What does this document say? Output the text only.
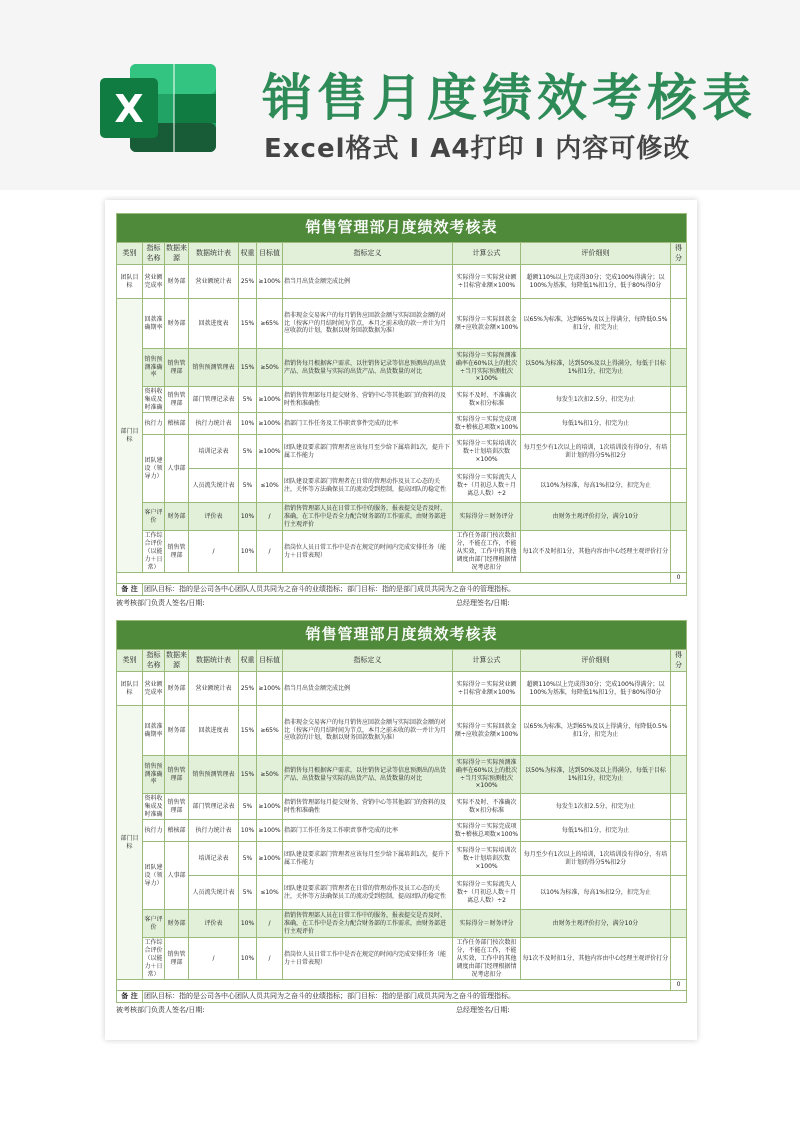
X 销售月度绩效考核表
Excel格式 I A4打印 I 内容可修改
销售管理部月度绩效考核表									
类别	指标名称	数据来源	数据统计表	权重	目标值	指标定义	计算公式	评价细则	得分
团队目标	营业额完成率	财务部	营业额统计表	25%	≥100%	指当月出货金额完成比例	实际得分＝实际营业额÷目标营业额×100%	超额110%以上完成得30分；完成100%得满分；以100%为基准，每降低1%扣1分，低于80%得0分	
部门目标	回款准确期率	财务部	回款进度表	15%	≥65%	指非现金交易客户的每月销售应回款金额与实际回款金额的对比（按客户的月结时间为节点，本月之前未收的款一并计为月应收款的计划，数据以财务回款数据为准）	实际得分＝实际回款金额÷应收款金额×100%	以65%为标准，达到65%及以上得满分，每降低0.5%扣1分，扣完为止	
	销售预测准确率	销售管理部	销售预测管理表	15%	≥50%	指销售每月根据客户需求，以往销售记录等信息预测出的出货产品、出货数量与实际的出货产品、出货数量的对比	实际得分＝实际预测准确率在60%以上的批次÷当月实际预测批次×100%	以50%为标准，达到50%及以上得满分，每低于目标1%扣1分，扣完为止	
	资料收集成及时准确	销售管理部	部门管理记录表	5%	≥100%	指销售管理部每月提交财务、营销中心等其他部门的资料的及时性和准确性	实际不及时、不准确次数×扣分标准	每发生1次扣2.5分，扣完为止	
	执行力	稽核部	执行力统计表	10%	≥100%	指部门工作任务及工作职责事件完成的比率	实际得分＝实际完成项数÷稽核总项数×100%	每低1%扣1分，扣完为止	
	团队建设（领导力）	人事部	培训记录表	5%	≥100%	团队建设要求部门管理者应该每月至少给下属培训1次，提升下属工作能力	实际得分＝实际培训次数÷计划培训次数×100%	每月至少有1次以上的培训，1次培训没有得0分，有培训计划的得分5%扣2分	
			人员流失统计表	5%	≤10%	团队建设要求部门管理者在日常的管理动作及员工心态的关注，关怀等方法确保员工的流动受到控制，提高团队的稳定性	实际得分＝实际流失人数÷（月初总人数＋月离总人数）÷2	以10%为标准，每高1%扣2分，扣完为止	
	客户评价	财务部	评价表	10%	/	指销售管理部人员在日常工作中的服务，报表提交是否及时、准确，在工作中是否全力配合财务部的工作需求，由财务部进行主观评价	实际得分＝财务评分	由财务主观评价打分，满分10分	
	工作综合评价（以能力＋日常）	销售管理部	/	10%	/	指岗位人员日常工作中是否在规定的时间内完成安排任务（能力＋日常表现）	工作任务部门按次数扣分，不能在工作，不能从实效，工作中的其他调度由部门经理根据情况考虑扣分	每1次不及时扣1分，其他内容由中心经理主观评价打分	
									0
备 注	团队目标：指的是公司各中心团队人员共同为之奋斗的业绩指标；部门目标：指的是部门成员共同为之奋斗的管理指标。								
被考核部门负责人签名/日期:	总经理签名/日期:
销售管理部月度绩效考核表									
类别	指标名称	数据来源	数据统计表	权重	目标值	指标定义	计算公式	评价细则	得分
团队目标	营业额完成率	财务部	营业额统计表	25%	≥100%	指当月出货金额完成比例	实际得分＝实际营业额÷目标营业额×100%	超额110%以上完成得30分；完成100%得满分；以100%为基准，每降低1%扣1分，低于80%得0分	
部门目标	回款准确期率	财务部	回款进度表	15%	≥65%	指非现金交易客户的每月销售应回款金额与实际回款金额的对比（按客户的月结时间为节点，本月之前未收的款一并计为月应收款的计划，数据以财务回款数据为准）	实际得分＝实际回款金额÷应收款金额×100%	以65%为标准，达到65%及以上得满分，每降低0.5%扣1分，扣完为止	
	销售预测准确率	销售管理部	销售预测管理表	15%	≥50%	指销售每月根据客户需求，以往销售记录等信息预测出的出货产品、出货数量与实际的出货产品、出货数量的对比	实际得分＝实际预测准确率在60%以上的批次÷当月实际预测批次×100%	以50%为标准，达到50%及以上得满分，每低于目标1%扣1分，扣完为止	
	资料收集成及时准确	销售管理部	部门管理记录表	5%	≥100%	指销售管理部每月提交财务、营销中心等其他部门的资料的及时性和准确性	实际不及时、不准确次数×扣分标准	每发生1次扣2.5分，扣完为止	
	执行力	稽核部	执行力统计表	10%	≥100%	指部门工作任务及工作职责事件完成的比率	实际得分＝实际完成项数÷稽核总项数×100%	每低1%扣1分，扣完为止	
	团队建设（领导力）	人事部	培训记录表	5%	≥100%	团队建设要求部门管理者应该每月至少给下属培训1次，提升下属工作能力	实际得分＝实际培训次数÷计划培训次数×100%	每月至少有1次以上的培训，1次培训没有得0分，有培训计划的得分5%扣2分	
			人员流失统计表	5%	≤10%	团队建设要求部门管理者在日常的管理动作及员工心态的关注，关怀等方法确保员工的流动受到控制，提高团队的稳定性	实际得分＝实际流失人数÷（月初总人数＋月离总人数）÷2	以10%为标准，每高1%扣2分，扣完为止	
	客户评价	财务部	评价表	10%	/	指销售管理部人员在日常工作中的服务，报表提交是否及时、准确，在工作中是否全力配合财务部的工作需求，由财务部进行主观评价	实际得分＝财务评分	由财务主观评价打分，满分10分	
	工作综合评价（以能力＋日常）	销售管理部	/	10%	/	指岗位人员日常工作中是否在规定的时间内完成安排任务（能力＋日常表现）	工作任务部门按次数扣分，不能在工作，不能从实效，工作中的其他调度由部门经理根据情况考虑扣分	每1次不及时扣1分，其他内容由中心经理主观评价打分	
									0
备 注	团队目标：指的是公司各中心团队人员共同为之奋斗的业绩指标；部门目标：指的是部门成员共同为之奋斗的管理指标。								
被考核部门负责人签名/日期:	总经理签名/日期:
